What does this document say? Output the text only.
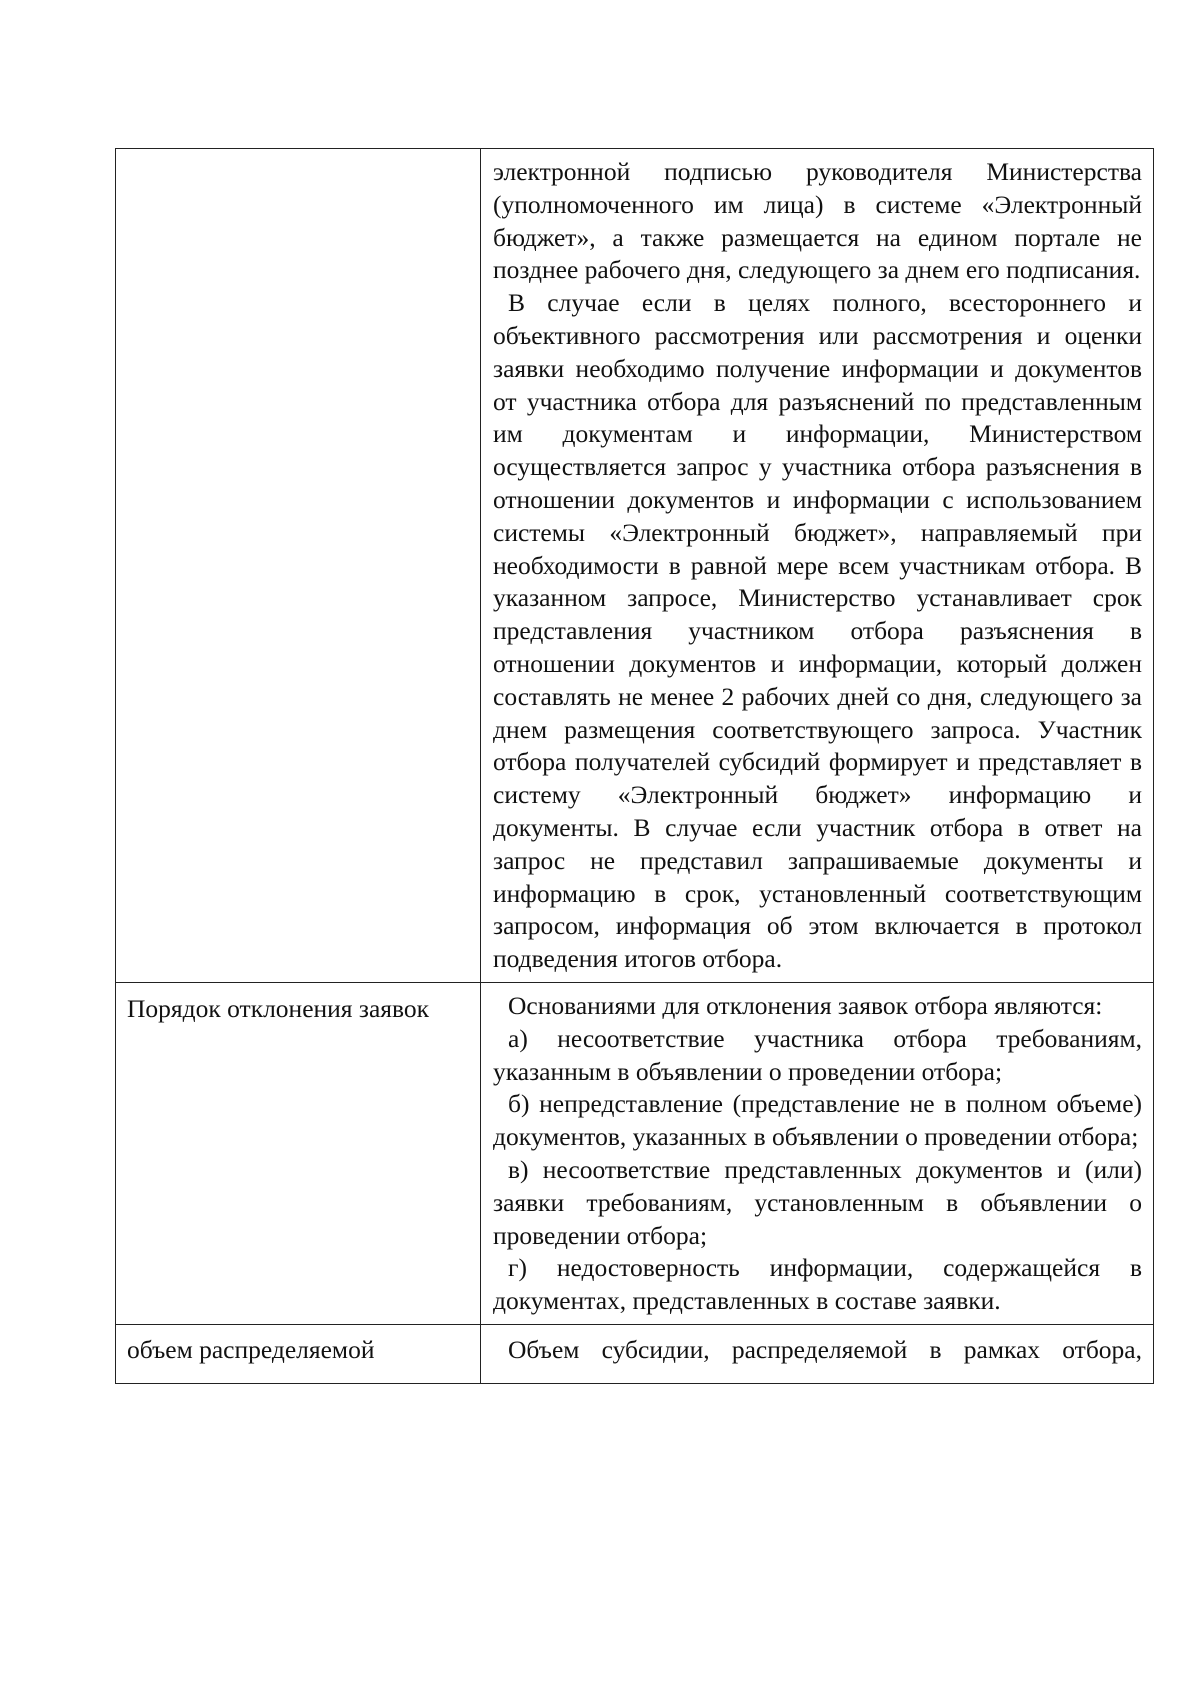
	электронной подписью руководителя Министерства (уполномоченного им лица) в системе «Электронный бюджет», а также размещается на едином портале не позднее рабочего дня, следующего за днем его подписания.

В случае если в целях полного, всестороннего и объективного рассмотрения или рассмотрения и оценки заявки необходимо получение информации и документов от участника отбора для разъяснений по представленным им документам и информации, Министерством осуществляется запрос у участника отбора разъяснения в отношении документов и информации с использованием системы «Электронный бюджет», направляемый при необходимости в равной мере всем участникам отбора. В указанном запросе, Министерство устанавливает срок представления участником отбора разъяснения в отношении документов и информации, который должен составлять не менее 2 рабочих дней со дня, следующего за днем размещения соответствующего запроса. Участник отбора получателей субсидий формирует и представляет в систему «Электронный бюджет» информацию и документы. В случае если участник отбора в ответ на запрос не представил запрашиваемые документы и информацию в срок, установленный соответствующим запросом, информация об этом включается в протокол подведения итогов отбора.

Порядок отклонения заявок	Основаниями для отклонения заявок отбора являются:

а) несоответствие участника отбора требованиям, указанным в объявлении о проведении отбора;

б) непредставление (представление не в полном объеме) документов, указанных в объявлении о проведении отбора;

в) несоответствие представленных документов и (или) заявки требованиям, установленным в объявлении о проведении отбора;

г) недостоверность информации, содержащейся в документах, представленных в составе заявки.

объем распределяемой	Объем субсидии, распределяемой в рамках отбора,
